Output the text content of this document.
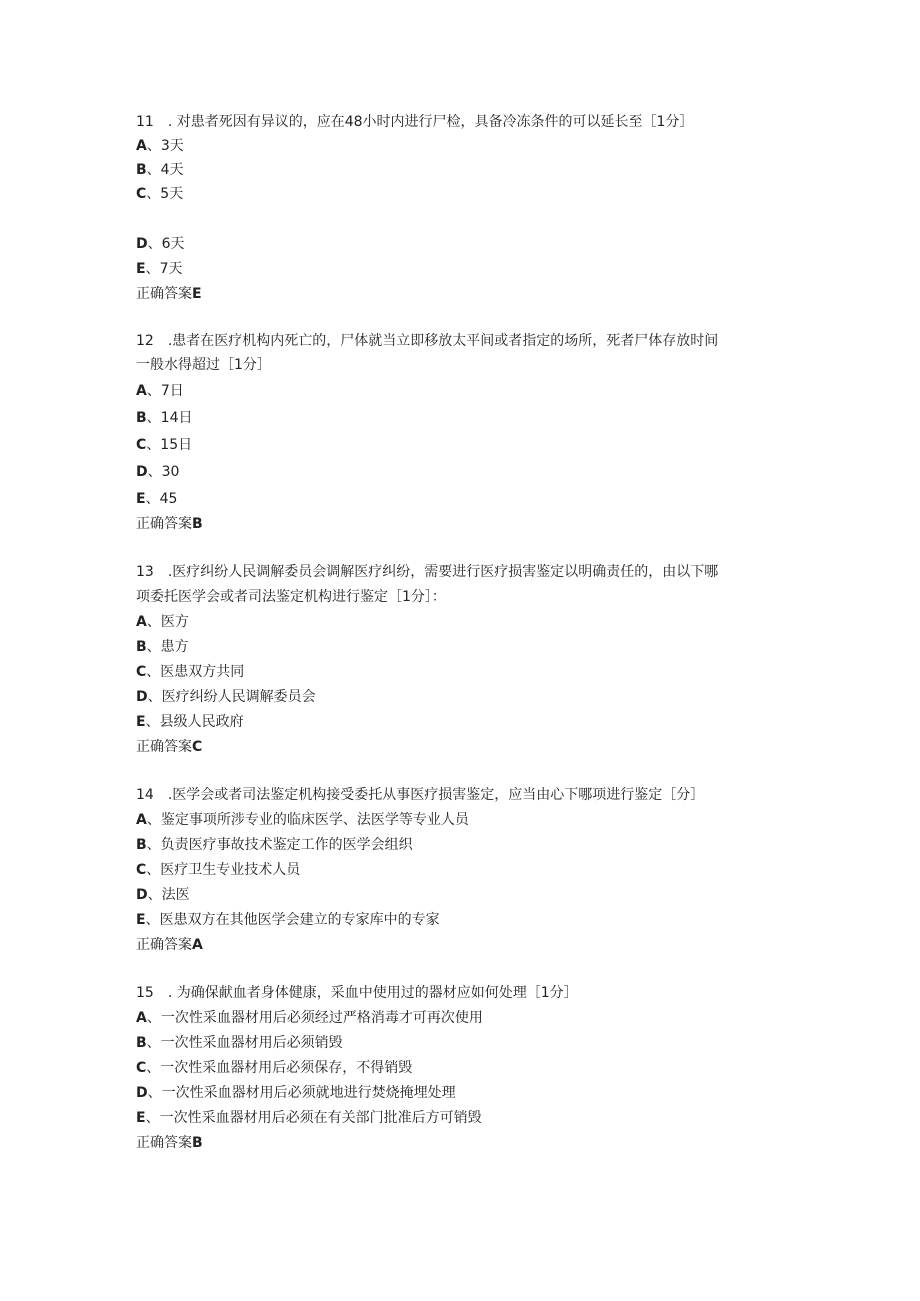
11　. 对患者死因有异议的，应在48小时内进行尸检，具备冷冻条件的可以延长至［1分］
A、3天
B、4天
C、5天
D、6天
E、7天
正确答案E
12　.患者在医疗机构内死亡的，尸体就当立即移放太平间或者指定的场所，死者尸体存放时间
一般水得超过［1分］
A、7日
B、14日
C、15日
D、30
E、45
正确答案B
13　.医疗纠纷人民调解委员会调解医疗纠纷，需要进行医疗损害鉴定以明确责任的，由以下哪
项委托医学会或者司法鉴定机构进行鉴定［1分］：
A、医方
B、患方
C、医患双方共同
D、医疗纠纷人民调解委员会
E、县级人民政府
正确答案C
14　.医学会或者司法鉴定机构接受委托从事医疗损害鉴定，应当由心下哪项进行鉴定［分］
A、鉴定事项所涉专业的临床医学、法医学等专业人员
B、负责医疗事故技术鉴定工作的医学会组织
C、医疗卫生专业技术人员
D、法医
E、医患双方在其他医学会建立的专家库中的专家
正确答案A
15　. 为确保献血者身体健康，采血中使用过的器材应如何处理［1分］
A、一次性采血器材用后必须经过严格消毒才可再次使用
B、一次性采血器材用后必须销毁
C、一次性采血器材用后必须保存，不得销毁
D、一次性采血器材用后必须就地进行焚烧掩埋处理
E、一次性采血器材用后必须在有关部门批准后方可销毁
正确答案B
